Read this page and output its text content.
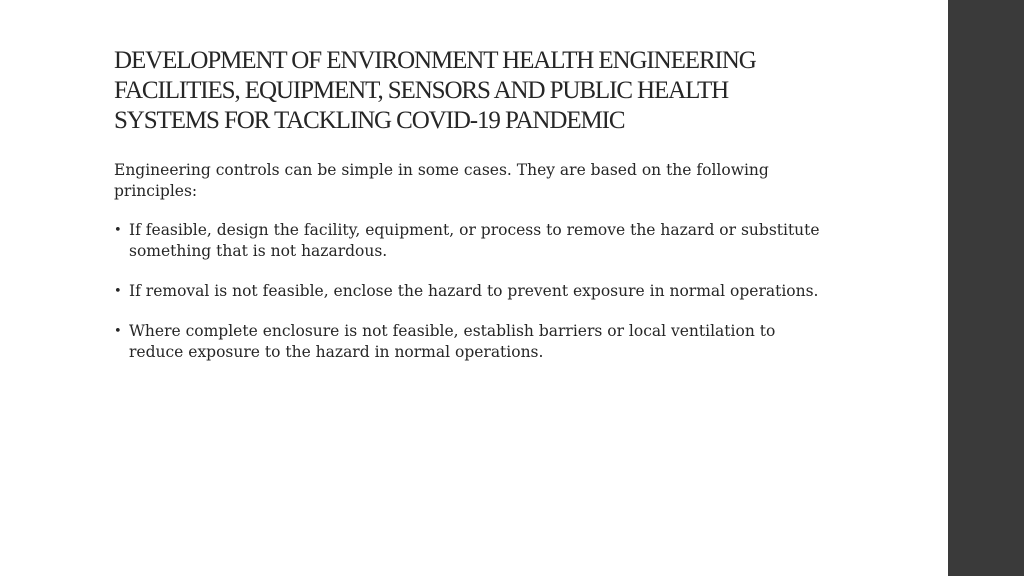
DEVELOPMENT OF ENVIRONMENT HEALTH ENGINEERING
FACILITIES, EQUIPMENT, SENSORS AND PUBLIC HEALTH
SYSTEMS FOR TACKLING COVID-19 PANDEMIC

Engineering controls can be simple in some cases. They are based on the following principles:

• If feasible, design the facility, equipment, or process to remove the hazard or substitute something that is not hazardous.
• If removal is not feasible, enclose the hazard to prevent exposure in normal operations.
• Where complete enclosure is not feasible, establish barriers or local ventilation to reduce exposure to the hazard in normal operations.
